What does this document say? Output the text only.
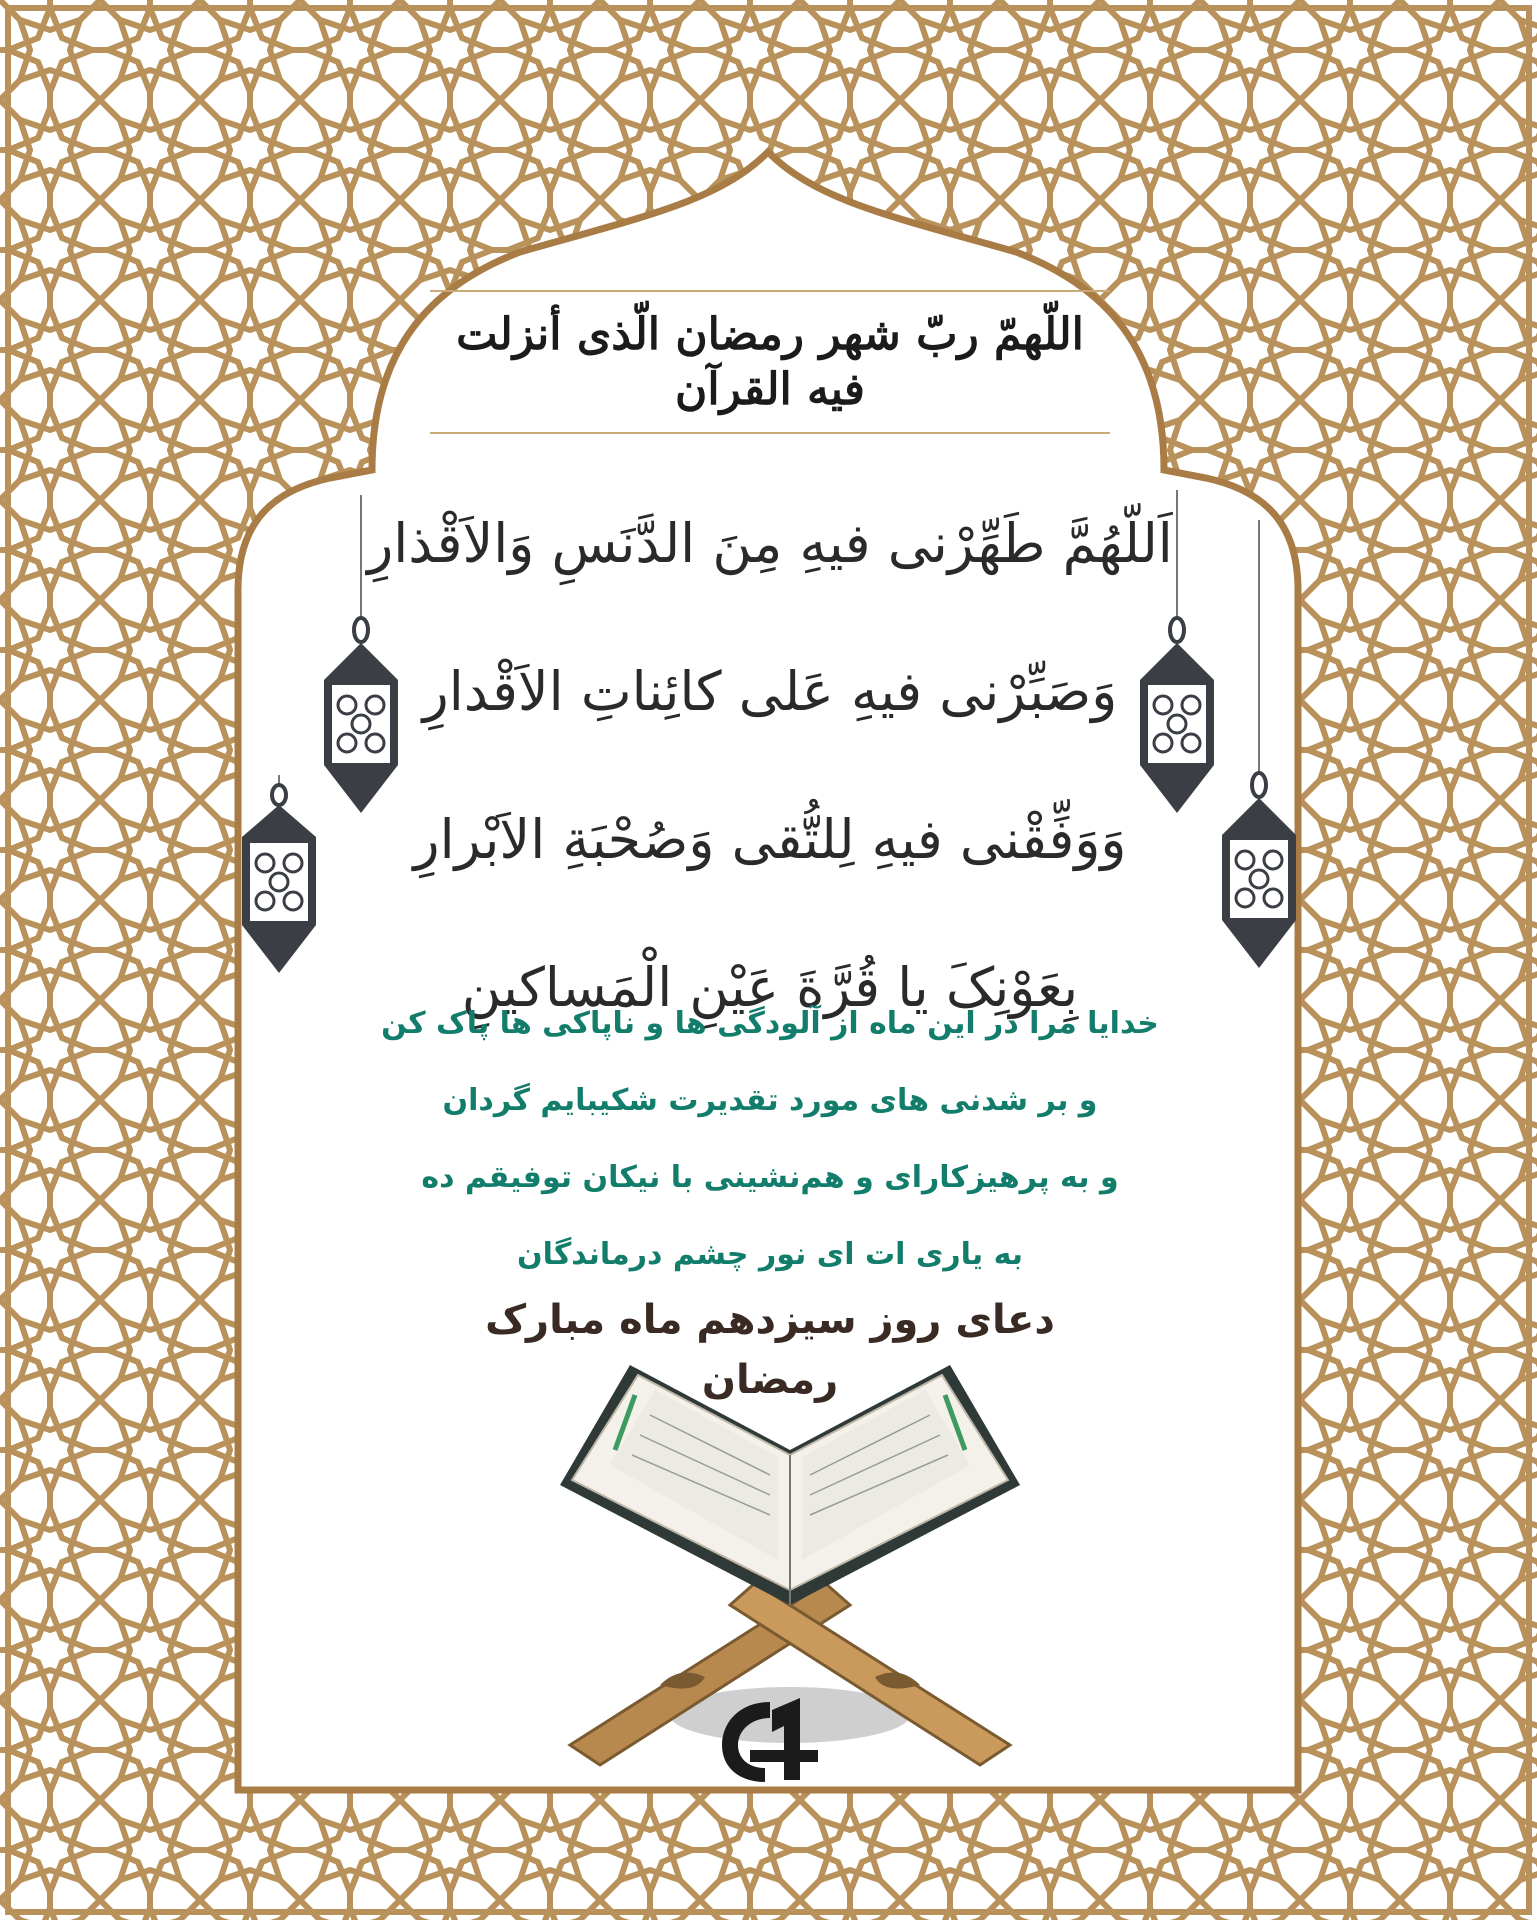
اللّهمّ ربّ شهر رمضان الّذی أنزلت فیه القرآن
اَللّهُمَّ طَهِّرْنی فیهِ مِنَ الدَّنَسِ وَالاَقْذارِ
وَصَبِّرْنی فیهِ عَلی کائِناتِ الاَقْدارِ
وَوَفِّقْنی فیهِ لِلتُّقی وَصُحْبَةِ الاَبْرارِ
بِعَوْنِکَ یا قُرَّةَ عَیْنِ الْمَساکینِ
خدایا مرا در این ماه از آلودگی ها و ناپاکی ها پاک کن
و بر شدنی های مورد تقدیرت شکیبایم گردان
و به پرهیزکارای و هم‌نشینی با نیکان توفیقم ده
به یاری ات ای نور چشم درماندگان
دعای روز سیزدهم ماه مبارک رمضان
